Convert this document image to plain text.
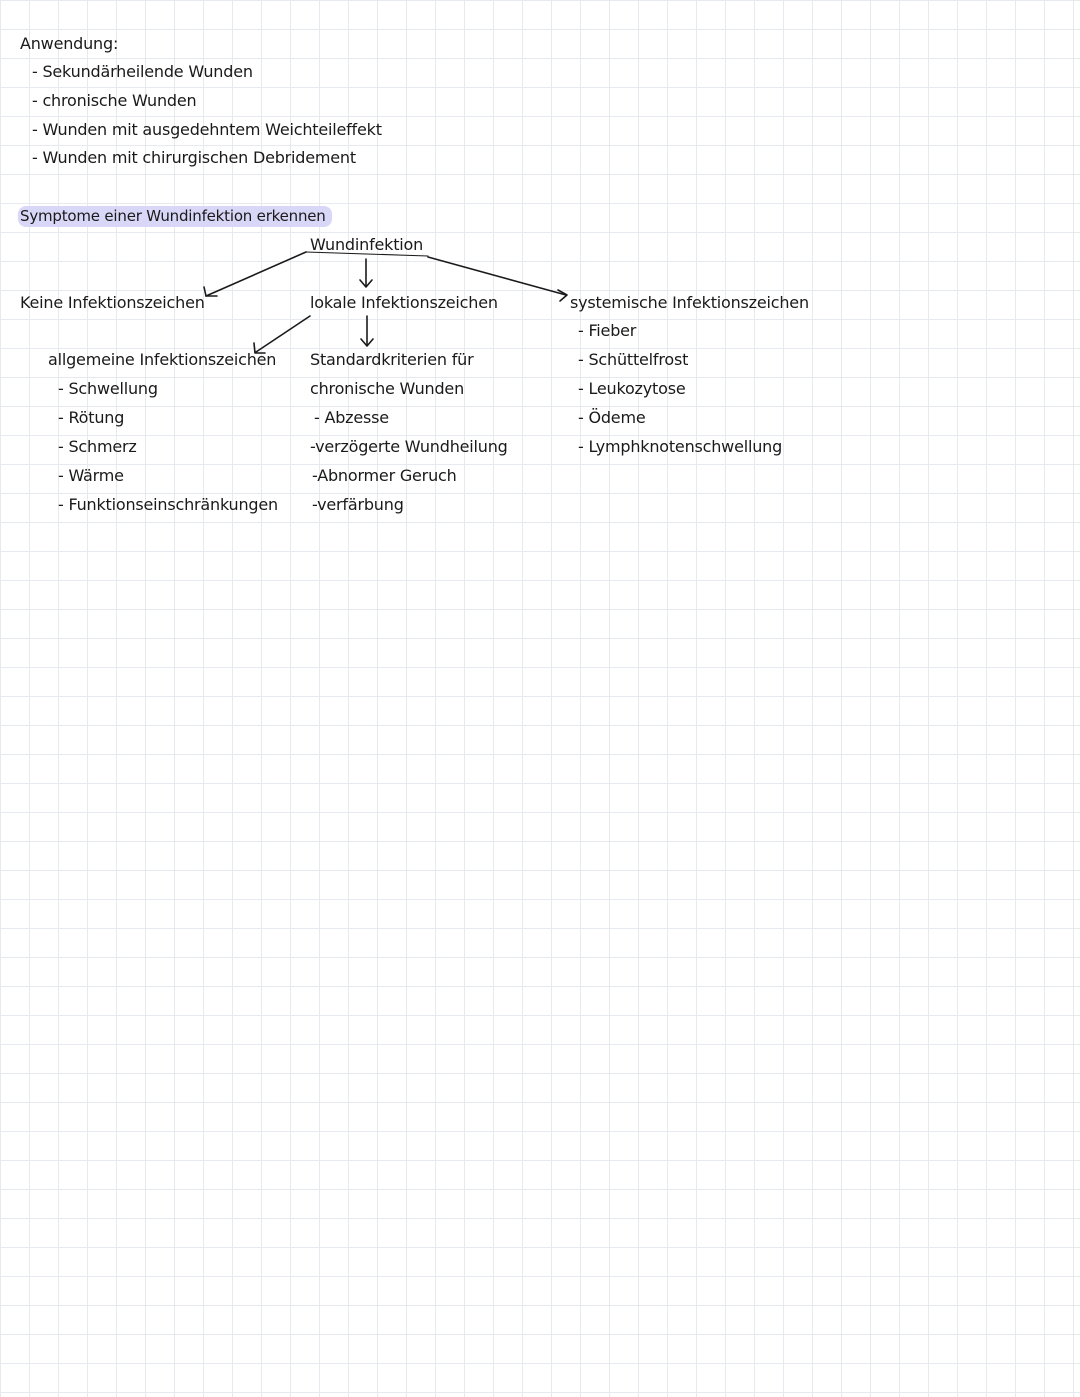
Anwendung:
- Sekundärheilende Wunden
- chronische Wunden
- Wunden mit ausgedehntem Weichteileffekt
- Wunden mit chirurgischen Debridement
Symptome einer Wundinfektion erkennen
Wundinfektion
Keine Infektionszeichen	lokale Infektionszeichen	systemische Infektionszeichen
- Fieber
- Schüttelfrost
- Leukozytose
- Ödeme
- Lymphknotenschwellung
allgemeine Infektionszeichen
- Schwellung
- Rötung
- Schmerz
- Wärme
- Funktionseinschränkungen
Standardkriterien für
chronische Wunden
- Abzesse
-verzögerte Wundheilung
-Abnormer Geruch
-verfärbung
